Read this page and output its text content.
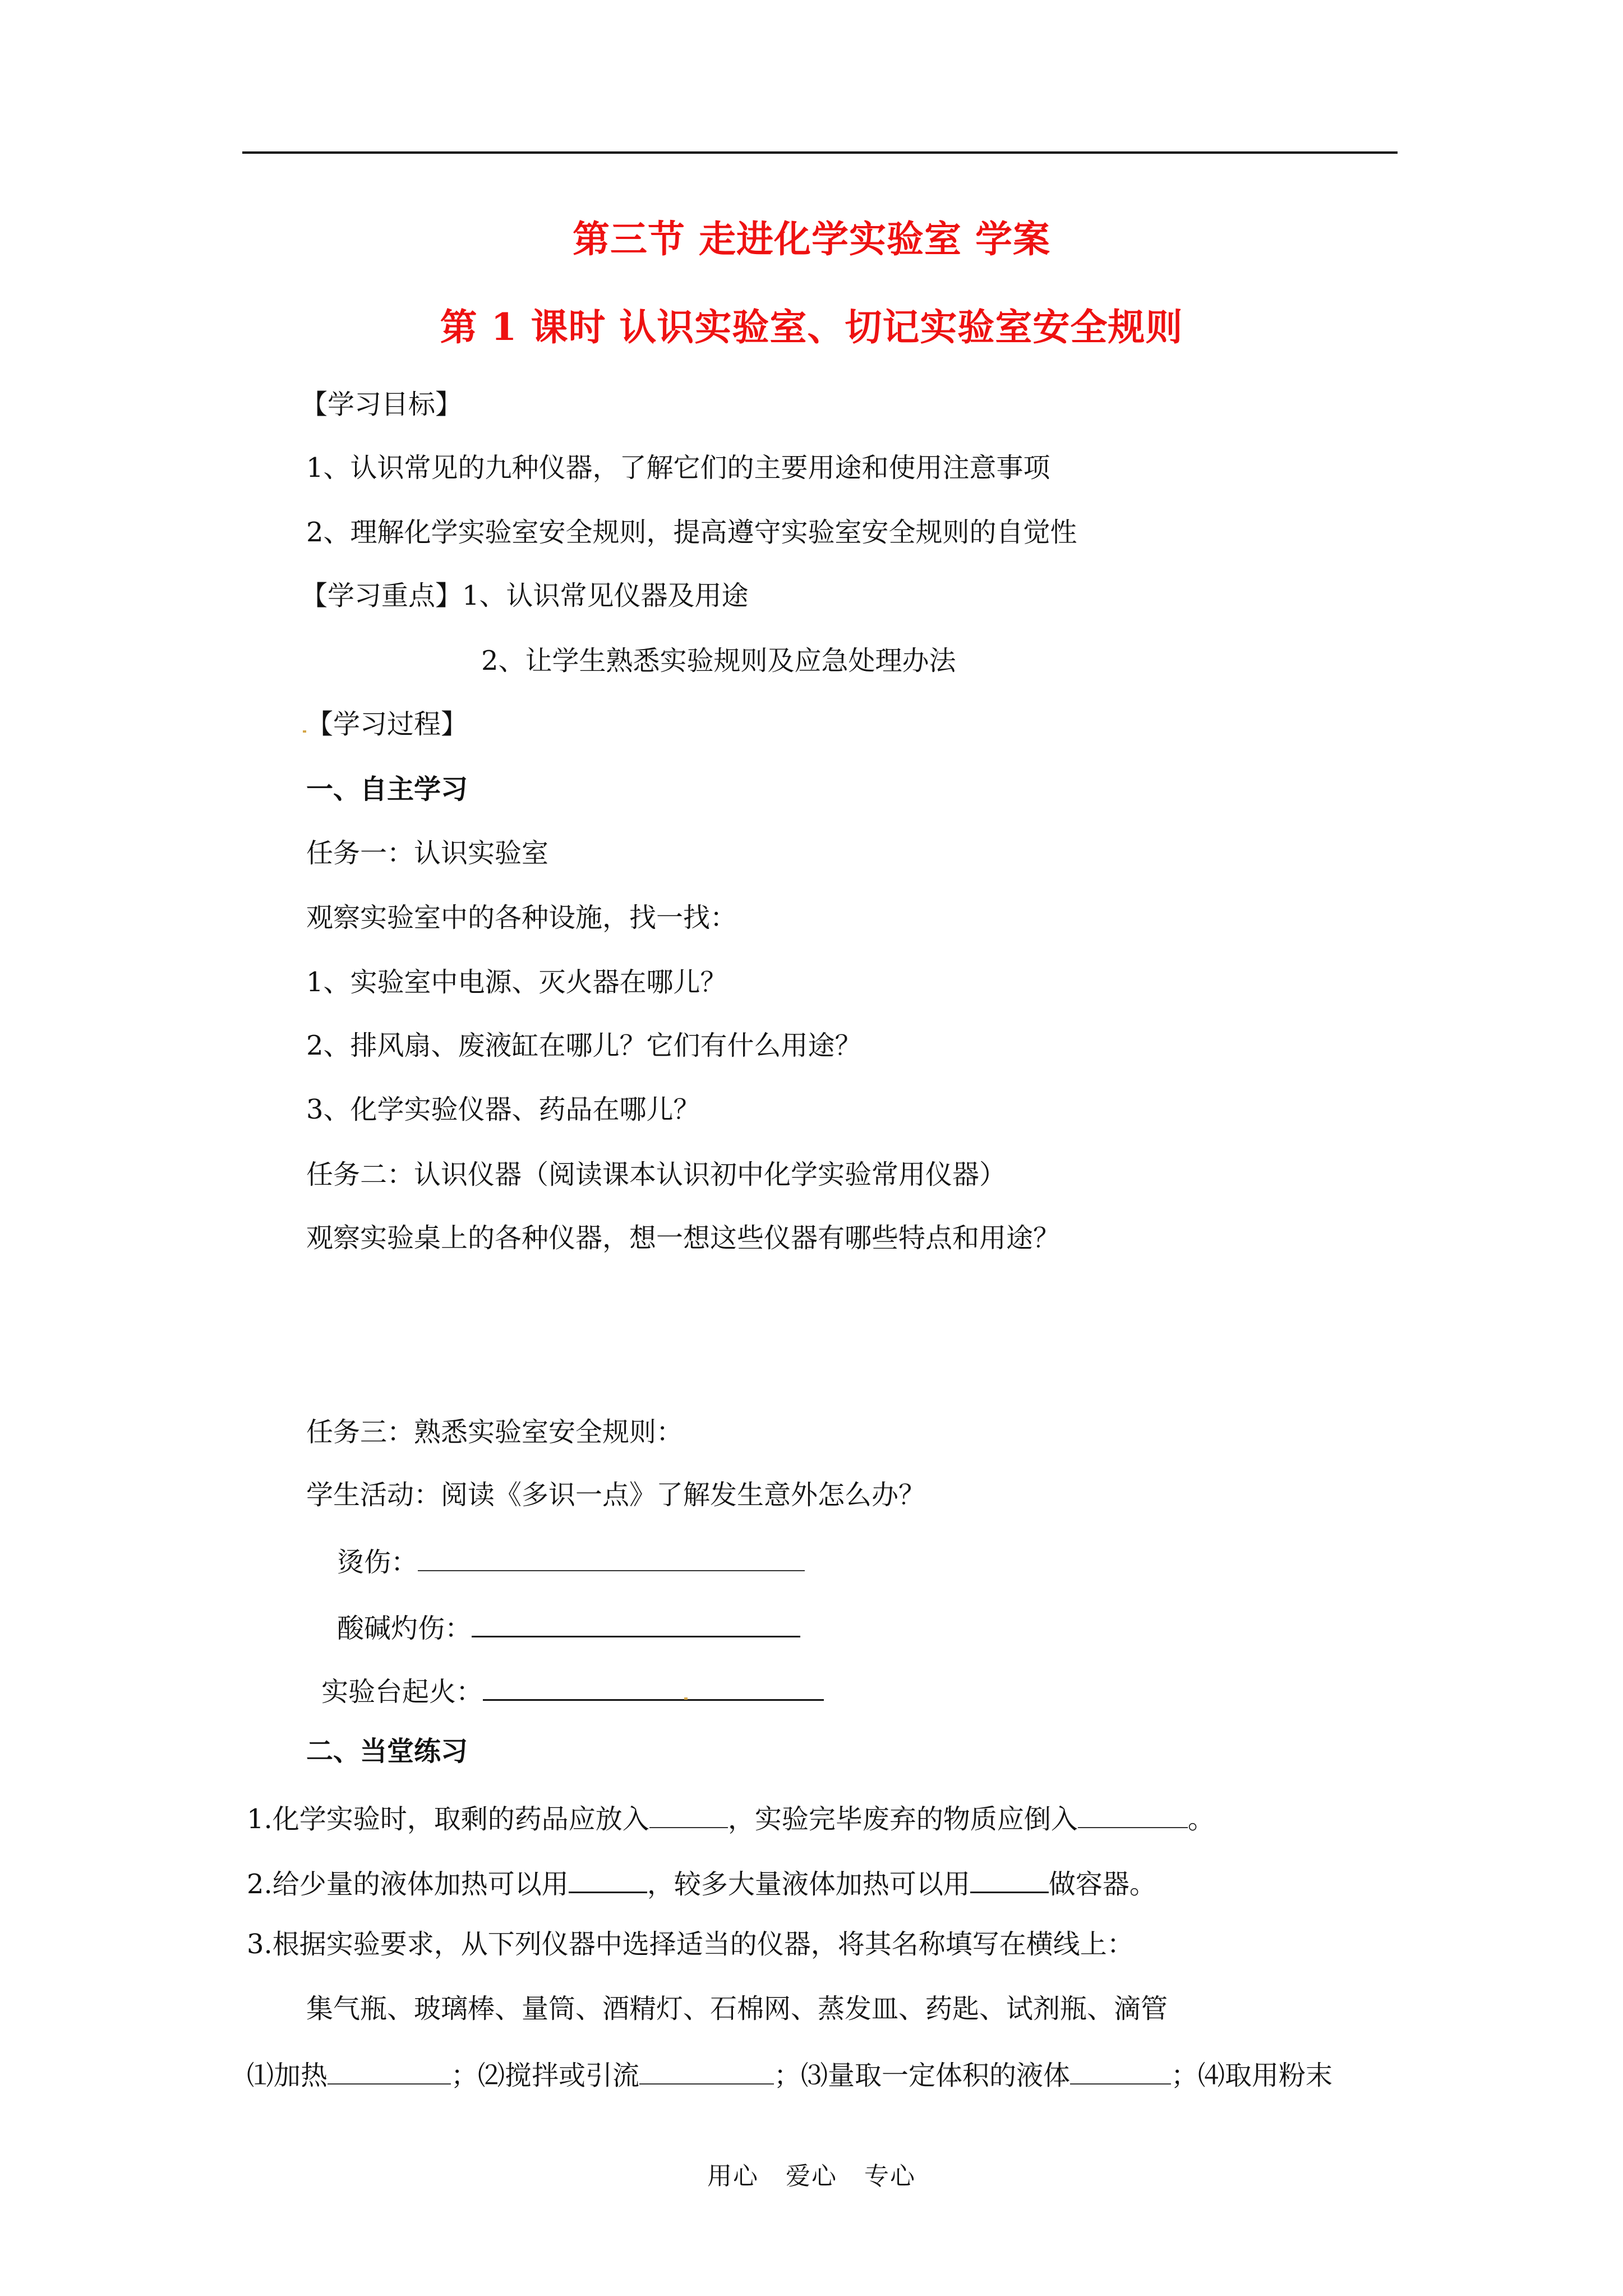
第三节 走进化学实验室 学案
第 1 课时 认识实验室、切记实验室安全规则

【学习目标】

1、认识常见的九种仪器，了解它们的主要用途和使用注意事项

2、理解化学实验室安全规则，提高遵守实验室安全规则的自觉性

【学习重点】1、认识常见仪器及用途

2、让学生熟悉实验规则及应急处理办法

【学习过程】

一、自主学习

任务一：认识实验室

观察实验室中的各种设施，找一找：

1、实验室中电源、灭火器在哪儿？

2、排风扇、废液缸在哪儿？它们有什么用途？

3、化学实验仪器、药品在哪儿？

任务二：认识仪器（阅读课本认识初中化学实验常用仪器）

观察实验桌上的各种仪器，想一想这些仪器有哪些特点和用途？

任务三：熟悉实验室安全规则：

学生活动：阅读《多识一点》了解发生意外怎么办？

烫伤：

酸碱灼伤：

实验台起火：

二、当堂练习

1.化学实验时，取剩的药品应放入	，实验完毕废弃的物质应倒入	。

2.给少量的液体加热可以用	，较多大量液体加热可以用	做容器。

3.根据实验要求，从下列仪器中选择适当的仪器，将其名称填写在横线上：

集气瓶、玻璃棒、量筒、酒精灯、石棉网、蒸发皿、药匙、试剂瓶、滴管

⑴加热	；⑵搅拌或引流	；⑶量取一定体积的液体	；⑷取用粉末

用心   爱心   专心
